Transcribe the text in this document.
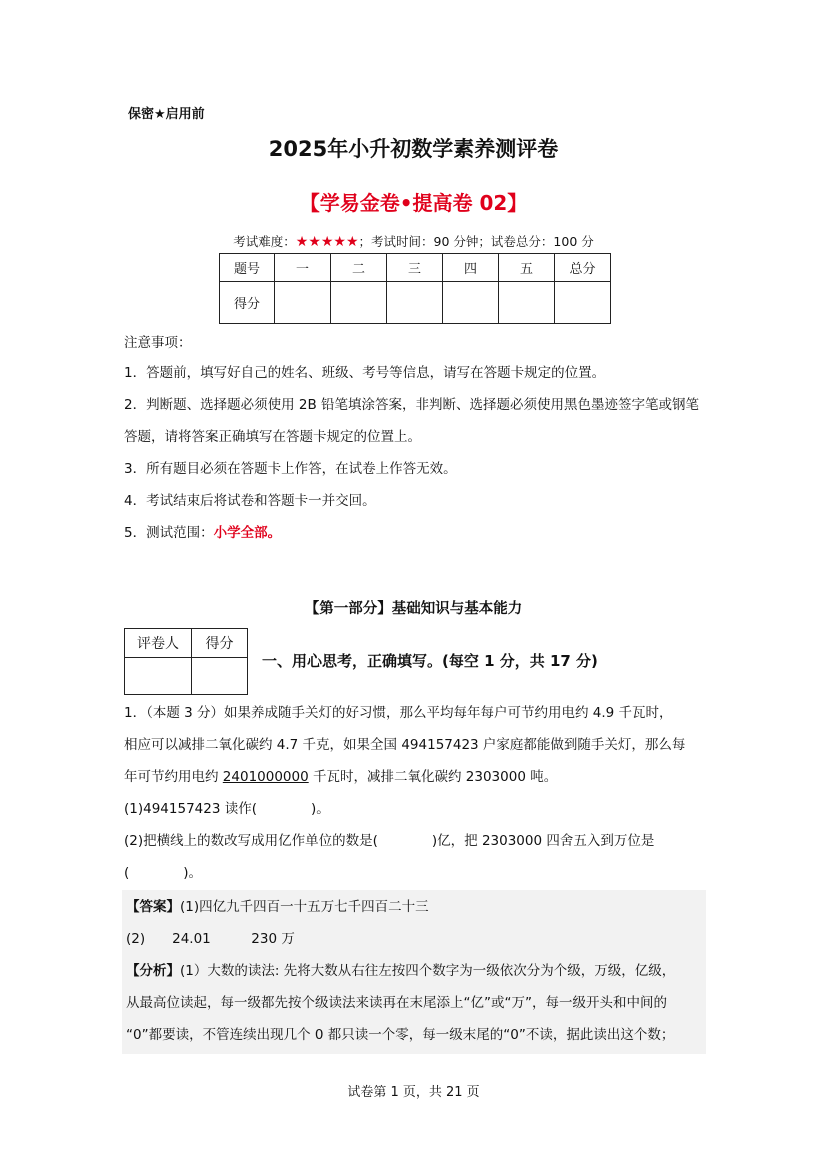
保密★启用前
2025年小升初数学素养测评卷
【学易金卷•提高卷 02】
考试难度：★★★★★；考试时间：90 分钟；试卷总分：100 分
题号	一	二	三	四	五	总分
得分						
注意事项：
1．答题前，填写好自己的姓名、班级、考号等信息，请写在答题卡规定的位置。
2．判断题、选择题必须使用 2B 铅笔填涂答案，非判断、选择题必须使用黑色墨迹签字笔或钢笔答题，请将答案正确填写在答题卡规定的位置上。
3．所有题目必须在答题卡上作答，在试卷上作答无效。
4．考试结束后将试卷和答题卡一并交回。
5．测试范围：小学全部。
【第一部分】基础知识与基本能力
评卷人	得分

一、用心思考，正确填写。(每空 1 分，共 17 分)
1．（本题 3 分）如果养成随手关灯的好习惯，那么平均每年每户可节约用电约 4.9 千瓦时，
相应可以减排二氧化碳约 4.7 千克，如果全国 494157423 户家庭都能做到随手关灯，那么每
年可节约用电约 2401000000 千瓦时，减排二氧化碳约 2303000 吨。
(1)494157423 读作(　　　　)。
(2)把横线上的数改写成用亿作单位的数是(　　　　)亿，把 2303000 四舍五入到万位是
(　　　　)。
【答案】(1)四亿九千四百一十五万七千四百二十三
(2)　　24.01　　　230 万
【分析】(1）大数的读法: 先将大数从右往左按四个数字为一级依次分为个级，万级，亿级，
从最高位读起，每一级都先按个级读法来读再在末尾添上“亿”或“万”，每一级开头和中间的
“0”都要读，不管连续出现几个 0 都只读一个零，每一级末尾的“0”不读，据此读出这个数；
试卷第 1 页，共 21 页
